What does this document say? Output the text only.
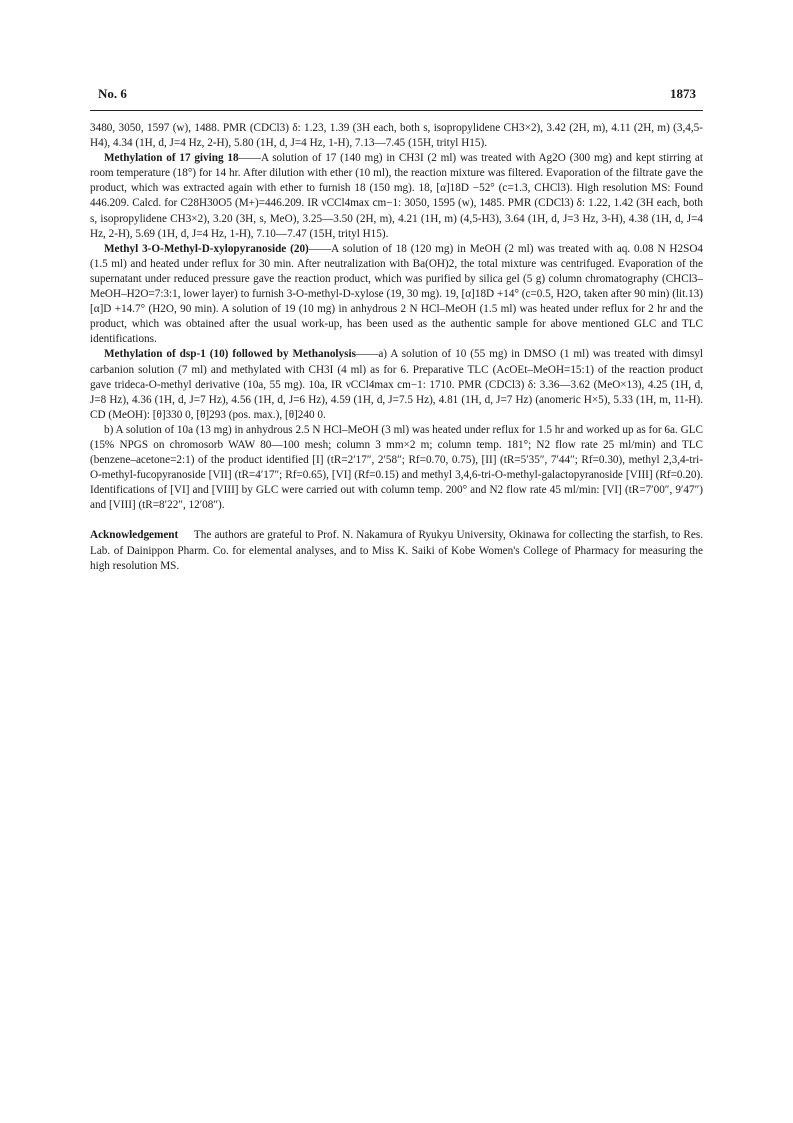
No. 6	1873

3480, 3050, 1597 (w), 1488. PMR (CDCl3) δ: 1.23, 1.39 (3H each, both s, isopropylidene CH3×2), 3.42 (2H, m), 4.11 (2H, m) (3,4,5-H4), 4.34 (1H, d, J=4 Hz, 2-H), 5.80 (1H, d, J=4 Hz, 1-H), 7.13—7.45 (15H, trityl H15).

Methylation of 17 giving 18——A solution of 17 (140 mg) in CH3I (2 ml) was treated with Ag2O (300 mg) and kept stirring at room temperature (18°) for 14 hr. After dilution with ether (10 ml), the reaction mixture was filtered. Evaporation of the filtrate gave the product, which was extracted again with ether to furnish 18 (150 mg). 18, [α]18D −52° (c=1.3, CHCl3). High resolution MS: Found 446.209. Calcd. for C28H30O5 (M+)=446.209. IR νCCl4max cm−1: 3050, 1595 (w), 1485. PMR (CDCl3) δ: 1.22, 1.42 (3H each, both s, isopropylidene CH3×2), 3.20 (3H, s, MeO), 3.25—3.50 (2H, m), 4.21 (1H, m) (4,5-H3), 3.64 (1H, d, J=3 Hz, 3-H), 4.38 (1H, d, J=4 Hz, 2-H), 5.69 (1H, d, J=4 Hz, 1-H), 7.10—7.47 (15H, trityl H15).

Methyl 3-O-Methyl-D-xylopyranoside (20)——A solution of 18 (120 mg) in MeOH (2 ml) was treated with aq. 0.08 N H2SO4 (1.5 ml) and heated under reflux for 30 min. After neutralization with Ba(OH)2, the total mixture was centrifuged. Evaporation of the supernatant under reduced pressure gave the reaction product, which was purified by silica gel (5 g) column chromatography (CHCl3–MeOH–H2O=7:3:1, lower layer) to furnish 3-O-methyl-D-xylose (19, 30 mg). 19, [α]18D +14° (c=0.5, H2O, taken after 90 min) (lit.13) [α]D +14.7° (H2O, 90 min). A solution of 19 (10 mg) in anhydrous 2 N HCl–MeOH (1.5 ml) was heated under reflux for 2 hr and the product, which was obtained after the usual work-up, has been used as the authentic sample for above mentioned GLC and TLC identifications.

Methylation of dsp-1 (10) followed by Methanolysis——a) A solution of 10 (55 mg) in DMSO (1 ml) was treated with dimsyl carbanion solution (7 ml) and methylated with CH3I (4 ml) as for 6. Preparative TLC (AcOEt–MeOH=15:1) of the reaction product gave trideca-O-methyl derivative (10a, 55 mg). 10a, IR νCCl4max cm−1: 1710. PMR (CDCl3) δ: 3.36—3.62 (MeO×13), 4.25 (1H, d, J=8 Hz), 4.36 (1H, d, J=7 Hz), 4.56 (1H, d, J=6 Hz), 4.59 (1H, d, J=7.5 Hz), 4.81 (1H, d, J=7 Hz) (anomeric H×5), 5.33 (1H, m, 11-H). CD (MeOH): [θ]330 0, [θ]293 (pos. max.), [θ]240 0.

b) A solution of 10a (13 mg) in anhydrous 2.5 N HCl–MeOH (3 ml) was heated under reflux for 1.5 hr and worked up as for 6a. GLC (15% NPGS on chromosorb WAW 80—100 mesh; column 3 mm×2 m; column temp. 181°; N2 flow rate 25 ml/min) and TLC (benzene–acetone=2:1) of the product identified [I] (tR=2′17″, 2′58″; Rf=0.70, 0.75), [II] (tR=5′35″, 7′44″; Rf=0.30), methyl 2,3,4-tri-O-methyl-fucopyranoside [VII] (tR=4′17″; Rf=0.65), [VI] (Rf=0.15) and methyl 3,4,6-tri-O-methyl-galactopyranoside [VIII] (Rf=0.20). Identifications of [VI] and [VIII] by GLC were carried out with column temp. 200° and N2 flow rate 45 ml/min: [VI] (tR=7′00″, 9′47″) and [VIII] (tR=8′22″, 12′08″).

Acknowledgement The authors are grateful to Prof. N. Nakamura of Ryukyu University, Okinawa for collecting the starfish, to Res. Lab. of Dainippon Pharm. Co. for elemental analyses, and to Miss K. Saiki of Kobe Women's College of Pharmacy for measuring the high resolution MS.
